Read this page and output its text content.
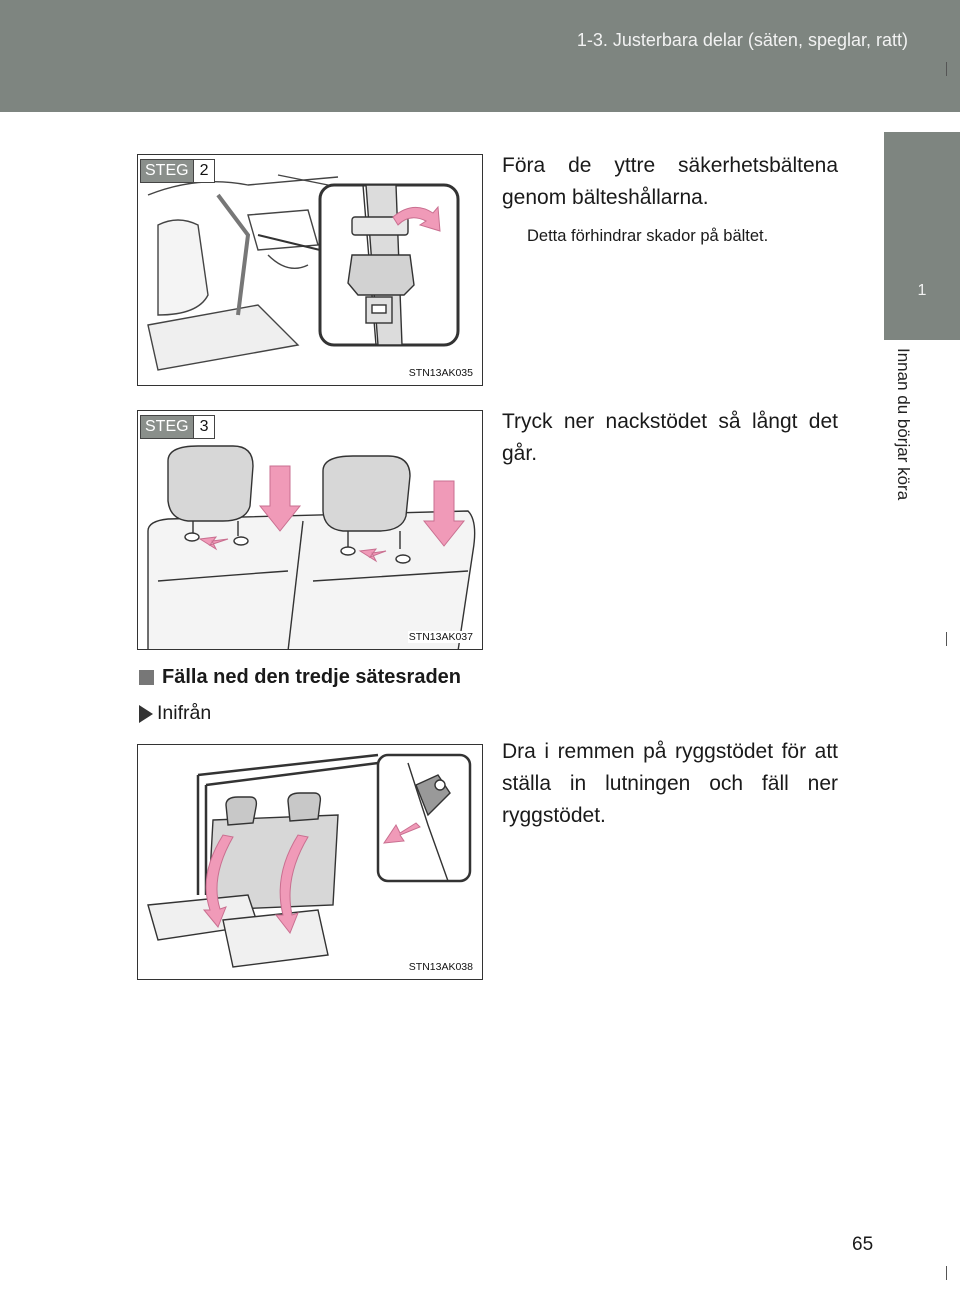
1-3. Justerbara delar (säten, speglar, ratt)
1
Innan du börjar köra
STEG 2
STN13AK035
Föra de yttre säkerhetsbältena genom bälteshållarna.
Detta förhindrar skador på bältet.
STEG 3
STN13AK037
Tryck ner nackstödet så långt det går.
Fälla ned den tredje sätesraden
Inifrån
STN13AK038
Dra i remmen på ryggstödet för att ställa in lutningen och fäll ner ryggstödet.
65
